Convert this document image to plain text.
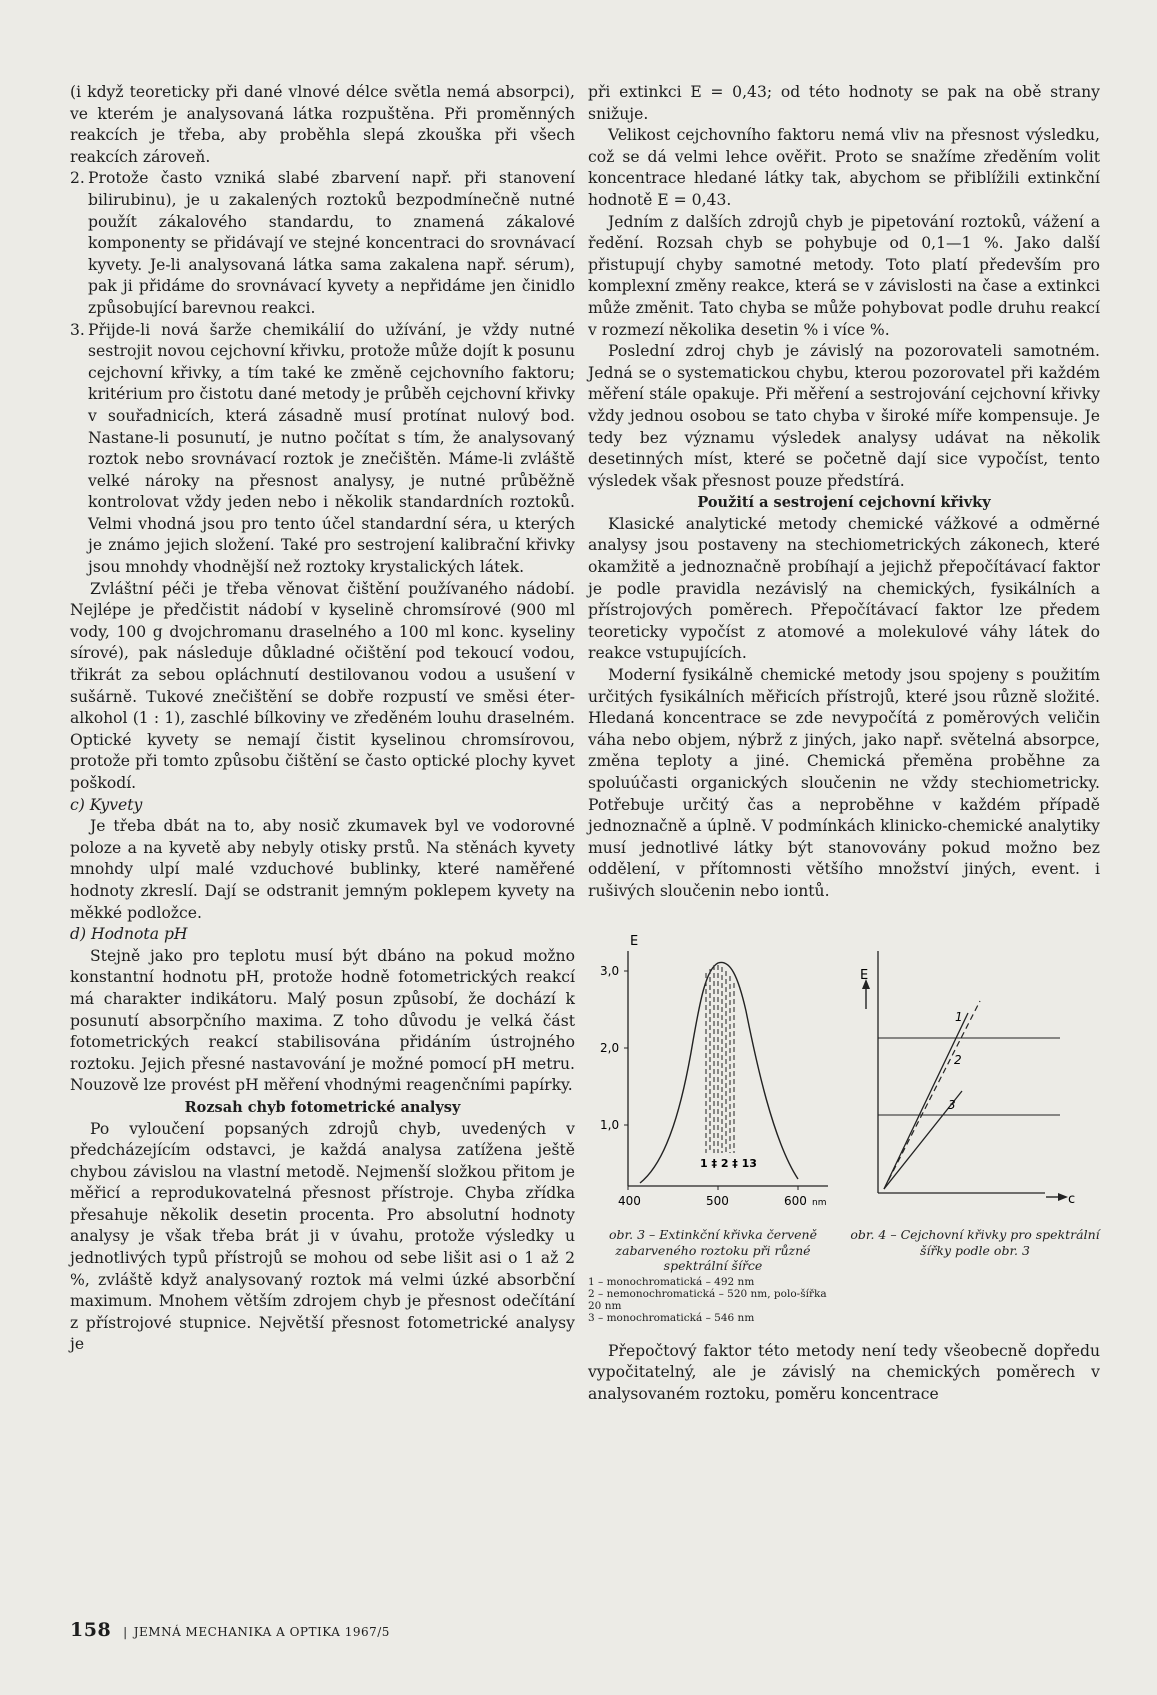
(i když teoreticky při dané vlnové délce světla nemá absorpci), ve kterém je analysovaná látka rozpuštěna. Při proměnných reakcích je třeba, aby proběhla slepá zkouška při všech reakcích zároveň.

2. Protože často vzniká slabé zbarvení např. při stanovení bilirubinu), je u zakalených roztoků bezpodmínečně nutné použít zákalového standardu, to znamená zákalové komponenty se přidávají ve stejné koncentraci do srovnávací kyvety. Je-li analysovaná látka sama zakalena např. sérum), pak ji přidáme do srovnávací kyvety a nepřidáme jen činidlo způsobující barevnou reakci.
3. Přijde-li nová šarže chemikálií do užívání, je vždy nutné sestrojit novou cejchovní křivku, protože může dojít k posunu cejchovní křivky, a tím také ke změně cejchovního faktoru; kritérium pro čistotu dané metody je průběh cejchovní křivky v souřadnicích, která zásadně musí protínat nulový bod. Nastane-li posunutí, je nutno počítat s tím, že analysovaný roztok nebo srovnávací roztok je znečištěn. Máme-li zvláště velké nároky na přesnost analysy, je nutné průběžně kontrolovat vždy jeden nebo i několik standardních roztoků. Velmi vhodná jsou pro tento účel standardní séra, u kterých je známo jejich složení. Také pro sestrojení kalibrační křivky jsou mnohdy vhodnější než roztoky krystalických látek.

Zvláštní péči je třeba věnovat čištění používaného nádobí. Nejlépe je předčistit nádobí v kyselině chromsírové (900 ml vody, 100 g dvojchromanu draselného a 100 ml konc. kyseliny sírové), pak následuje důkladné očištění pod tekoucí vodou, třikrát za sebou opláchnutí destilovanou vodou a usušení v sušárně. Tukové znečištění se dobře rozpustí ve směsi éter-alkohol (1 : 1), zaschlé bílkoviny ve zředěném louhu draselném. Optické kyvety se nemají čistit kyselinou chromsírovou, protože při tomto způsobu čištění se často optické plochy kyvet poškodí.

c) Kyvety

Je třeba dbát na to, aby nosič zkumavek byl ve vodorovné poloze a na kyvetě aby nebyly otisky prstů. Na stěnách kyvety mnohdy ulpí malé vzduchové bublinky, které naměřené hodnoty zkreslí. Dají se odstranit jemným poklepem kyvety na měkké podložce.

d) Hodnota pH

Stejně jako pro teplotu musí být dbáno na pokud možno konstantní hodnotu pH, protože hodně fotometrických reakcí má charakter indikátoru. Malý posun způsobí, že dochází k posunutí absorpčního maxima. Z toho důvodu je velká část fotometrických reakcí stabilisována přidáním ústrojného roztoku. Jejich přesné nastavování je možné pomocí pH metru. Nouzově lze provést pH měření vhodnými reagenčními papírky.

Rozsah chyb fotometrické analysy

Po vyloučení popsaných zdrojů chyb, uvedených v předcházejícím odstavci, je každá analysa zatížena ještě chybou závislou na vlastní metodě. Nejmenší složkou přitom je měřicí a reprodukovatelná přesnost přístroje. Chyba zřídka přesahuje několik desetin procenta. Pro absolutní hodnoty analysy je však třeba brát ji v úvahu, protože výsledky u jednotlivých typů přístrojů se mohou od sebe lišit asi o 1 až 2 %, zvláště když analysovaný roztok má velmi úzké absorbční maximum. Mnohem větším zdrojem chyb je přesnost odečítání z přístrojové stupnice. Největší přesnost fotometrické analysy je

při extinkci E = 0,43; od této hodnoty se pak na obě strany snižuje.

Velikost cejchovního faktoru nemá vliv na přesnost výsledku, což se dá velmi lehce ověřit. Proto se snažíme zředěním volit koncentrace hledané látky tak, abychom se přiblížili extinkční hodnotě E = 0,43.

Jedním z dalších zdrojů chyb je pipetování roztoků, vážení a ředění. Rozsah chyb se pohybuje od 0,1—1 %. Jako další přistupují chyby samotné metody. Toto platí především pro komplexní změny reakce, která se v závislosti na čase a extinkci může změnit. Tato chyba se může pohybovat podle druhu reakcí v rozmezí několika desetin % i více %.

Poslední zdroj chyb je závislý na pozorovateli samotném. Jedná se o systematickou chybu, kterou pozorovatel při každém měření stále opakuje. Při měření a sestrojování cejchovní křivky vždy jednou osobou se tato chyba v široké míře kompensuje. Je tedy bez významu výsledek analysy udávat na několik desetinných míst, které se početně dají sice vypočíst, tento výsledek však přesnost pouze předstírá.

Použití a sestrojení cejchovní křivky

Klasické analytické metody chemické vážkové a odměrné analysy jsou postaveny na stechiometrických zákonech, které okamžitě a jednoznačně probíhají a jejichž přepočítávací faktor je podle pravidla nezávislý na chemických, fysikálních a přístrojových poměrech. Přepočítávací faktor lze předem teoreticky vypočíst z atomové a molekulové váhy látek do reakce vstupujících.

Moderní fysikálně chemické metody jsou spojeny s použitím určitých fysikálních měřicích přístrojů, které jsou různě složité. Hledaná koncentrace se zde nevypočítá z poměrových veličin váha nebo objem, nýbrž z jiných, jako např. světelná absorpce, změna teploty a jiné. Chemická přeměna proběhne za spoluúčasti organických sloučenin ne vždy stechiometricky. Potřebuje určitý čas a neproběhne v každém případě jednoznačně a úplně. V podmínkách klinicko-chemické analytiky musí jednotlivé látky být stanovovány pokud možno bez oddělení, v přítomnosti většího množství jiných, event. i rušivých sloučenin nebo iontů.

E
3,0
2,0
1,0
1 ‡ 2 ‡ 13
400	500	600 nm
obr. 3 – Extinkční křivka červeně zabarveného roztoku při různé spektrální šířce
1 – monochromatická – 492 nm
2 – nemonochromatická – 520 nm, polo-šířka 20 nm
3 – monochromatická – 546 nm
E
c
1
2
3
obr. 4 – Cejchovní křivky pro spektrální šířky podle obr. 3

Přepočtový faktor této metody není tedy všeobecně dopředu vypočitatelný, ale je závislý na chemických poměrech v analysovaném roztoku, poměru koncentrace

158 | JEMNÁ MECHANIKA A OPTIKA 1967/5
